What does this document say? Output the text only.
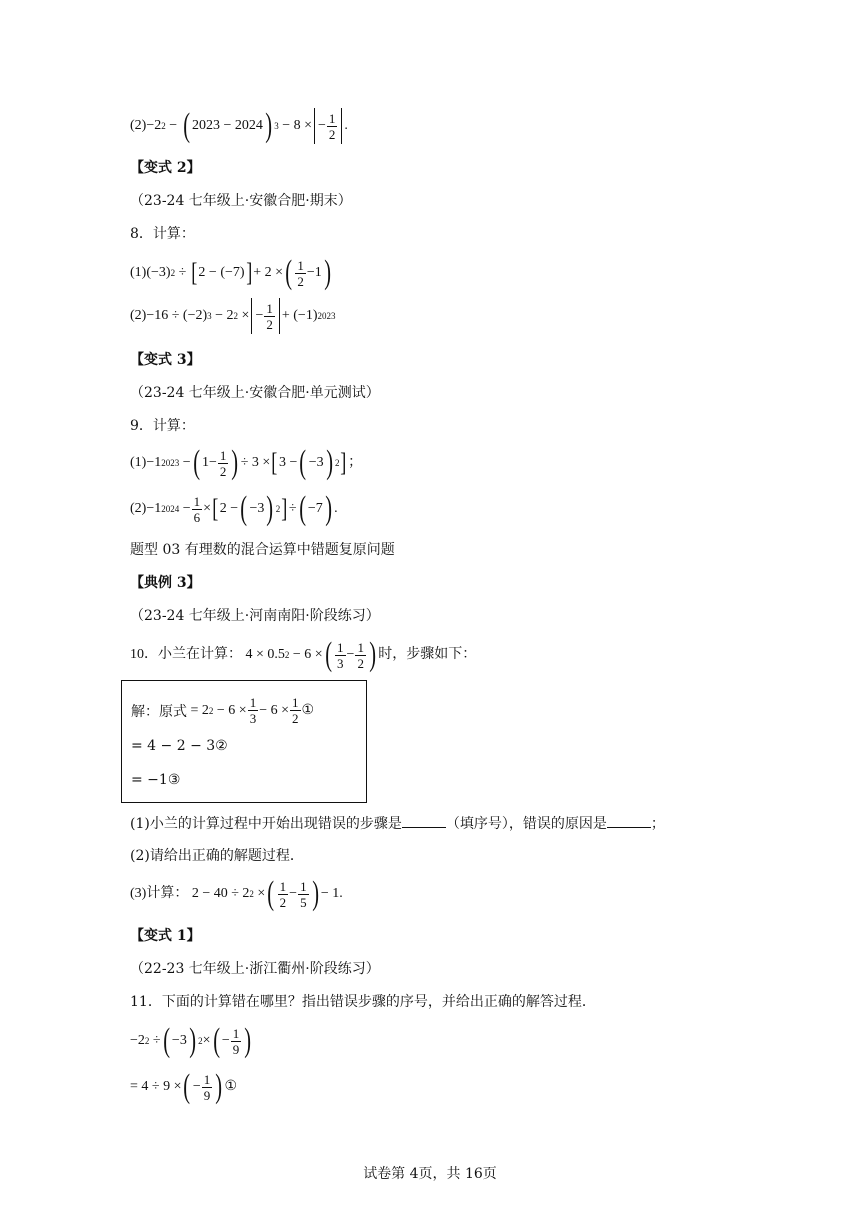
(2) −2 2 − ( 2023 − 2024 ) 3 − 8 × − $\frac{1}{2}$ .
【变式 2】
（23-24 七年级上·安徽合肥·期末）
8．计算：
(1) (−3) 2 ÷ [ 2 − (−7) ] + 2 × ( $\frac{1}{2} -1$ )
(2) −16 ÷ (−2) 3 − 2 2 × − $\frac{1}{2} + (-1)$ 2023
【变式 3】
（23-24 七年级上·安徽合肥·单元测试）
9．计算：
(1) −1 2023 − ( $1- \frac{1}{2}$ ) ÷ 3 × [ 3 − ( −3 ) 2 ] ；
(2) −1 $2024 - \frac{1}{6}$ × [ 2 − ( −3 ) 2 ] ÷ ( −7 ) .
题型 03 有理数的混合运算中错题复原问题
【典例 3】
（23-24 七年级上·河南南阳·阶段练习）
10．小兰在计算： 4 × 0.5 2 − 6 × ( $\frac{1}{3} - \frac{1}{2}$ ) 时，步骤如下：
解：原式 = 2 $2 - 6 \times \frac{1}{3} - 6 \times \frac{1}{2}$ ①
= 4 − 2 − 3②
= −1③
(1)小兰的计算过程中开始出现错误的步骤是	（填序号），错误的原因是	；
(2)请给出正确的解题过程．
(3)计算： 2 − 40 ÷ 2 2 × ( $\frac{1}{2} - \frac{1}{5}$ ) − 1.
【变式 1】
（22-23 七年级上·浙江衢州·阶段练习）
11．下面的计算错在哪里？指出错误步骤的序号，并给出正确的解答过程．
−2 2 ÷ ( −3 ) 2 × ( − $\frac{1}{9}$ )
= 4 ÷ 9 × ( − $\frac{1}{9}$ ) ①
试卷第 4页，共 16页
